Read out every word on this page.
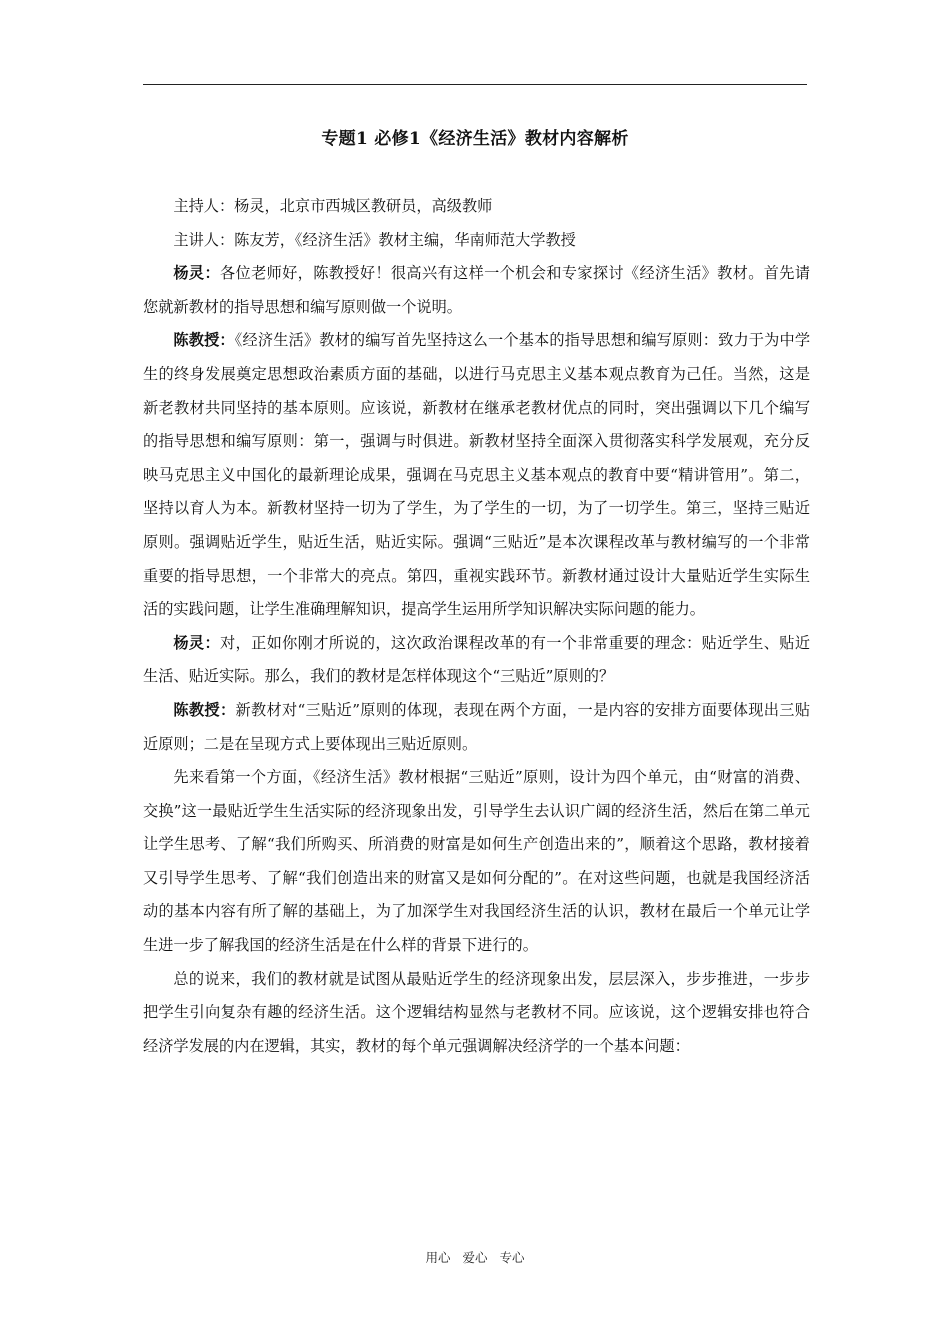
专题1 必修1《经济生活》教材内容解析

主持人：杨灵，北京市西城区教研员，高级教师

主讲人：陈友芳，《经济生活》教材主编，华南师范大学教授

杨灵：各位老师好，陈教授好！很高兴有这样一个机会和专家探讨《经济生活》教材。首先请您就新教材的指导思想和编写原则做一个说明。

陈教授：《经济生活》教材的编写首先坚持这么一个基本的指导思想和编写原则：致力于为中学生的终身发展奠定思想政治素质方面的基础，以进行马克思主义基本观点教育为己任。当然，这是新老教材共同坚持的基本原则。应该说，新教材在继承老教材优点的同时，突出强调以下几个编写的指导思想和编写原则：第一，强调与时俱进。新教材坚持全面深入贯彻落实科学发展观，充分反映马克思主义中国化的最新理论成果，强调在马克思主义基本观点的教育中要“精讲管用”。第二，坚持以育人为本。新教材坚持一切为了学生，为了学生的一切，为了一切学生。第三，坚持三贴近原则。强调贴近学生，贴近生活，贴近实际。强调“三贴近”是本次课程改革与教材编写的一个非常重要的指导思想，一个非常大的亮点。第四，重视实践环节。新教材通过设计大量贴近学生实际生活的实践问题，让学生准确理解知识，提高学生运用所学知识解决实际问题的能力。

杨灵：对，正如你刚才所说的，这次政治课程改革的有一个非常重要的理念：贴近学生、贴近生活、贴近实际。那么，我们的教材是怎样体现这个“三贴近”原则的？

陈教授：新教材对“三贴近”原则的体现，表现在两个方面，一是内容的安排方面要体现出三贴近原则；二是在呈现方式上要体现出三贴近原则。

先来看第一个方面，《经济生活》教材根据“三贴近”原则，设计为四个单元，由“财富的消费、交换”这一最贴近学生生活实际的经济现象出发，引导学生去认识广阔的经济生活，然后在第二单元让学生思考、了解“我们所购买、所消费的财富是如何生产创造出来的”，顺着这个思路，教材接着又引导学生思考、了解“我们创造出来的财富又是如何分配的”。在对这些问题，也就是我国经济活动的基本内容有所了解的基础上，为了加深学生对我国经济生活的认识，教材在最后一个单元让学生进一步了解我国的经济生活是在什么样的背景下进行的。

总的说来，我们的教材就是试图从最贴近学生的经济现象出发，层层深入，步步推进，一步步把学生引向复杂有趣的经济生活。这个逻辑结构显然与老教材不同。应该说，这个逻辑安排也符合经济学发展的内在逻辑，其实，教材的每个单元强调解决经济学的一个基本问题：

用心 爱心 专心
